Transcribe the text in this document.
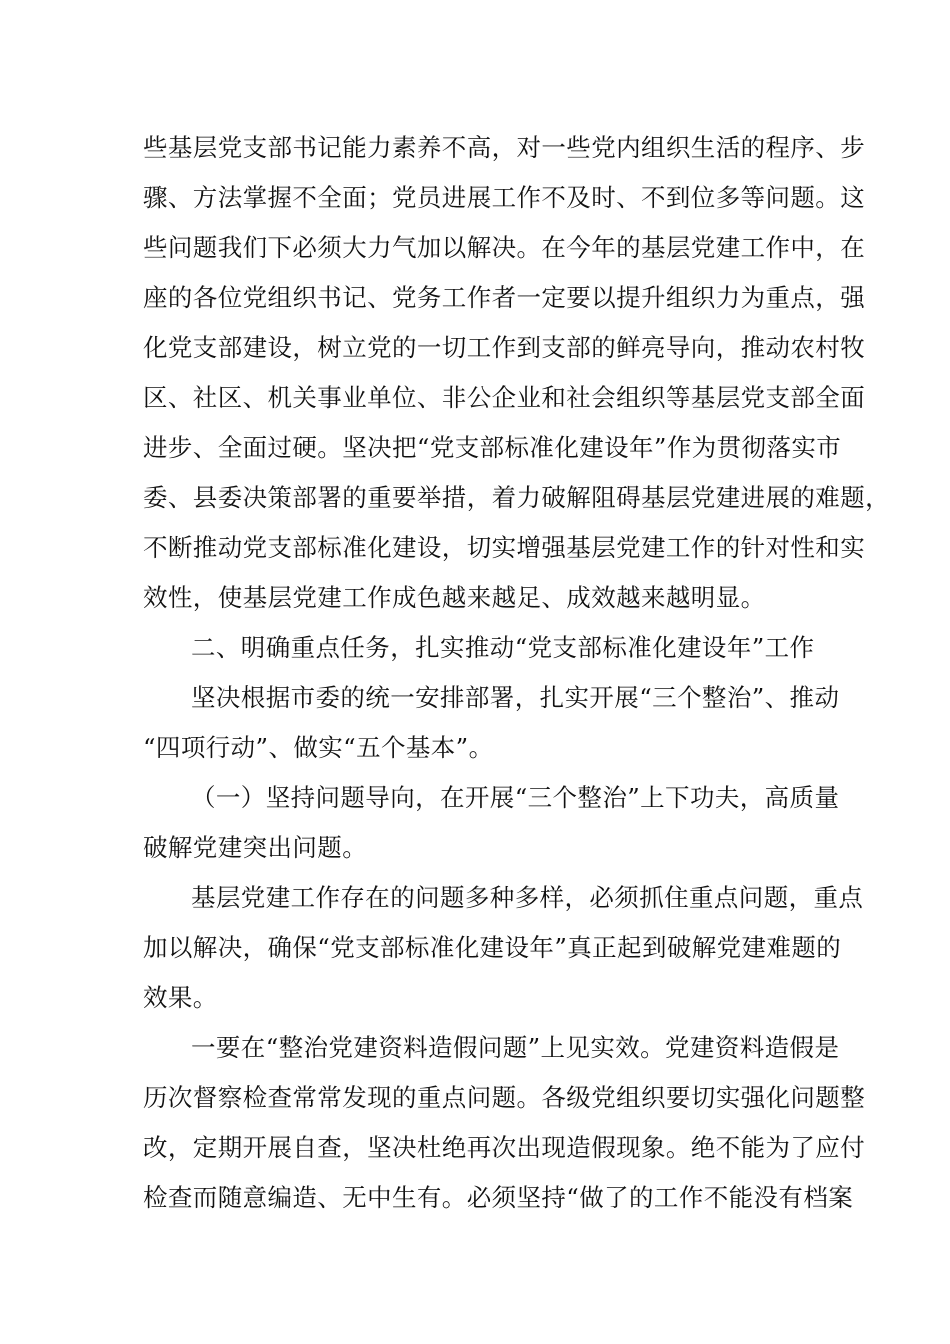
些基层党支部书记能力素养不高，对一些党内组织生活的程序、步
骤、方法掌握不全面；党员进展工作不及时、不到位多等问题。这
些问题我们下必须大力气加以解决。在今年的基层党建工作中，在
座的各位党组织书记、党务工作者一定要以提升组织力为重点，强
化党支部建设，树立党的一切工作到支部的鲜亮导向，推动农村牧
区、社区、机关事业单位、非公企业和社会组织等基层党支部全面
进步、全面过硬。坚决把“党支部标准化建设年”作为贯彻落实市
委、县委决策部署的重要举措，着力破解阻碍基层党建进展的难题，
不断推动党支部标准化建设，切实增强基层党建工作的针对性和实
效性，使基层党建工作成色越来越足、成效越来越明显。
二、明确重点任务，扎实推动“党支部标准化建设年”工作
坚决根据市委的统一安排部署，扎实开展“三个整治”、推动
“四项行动”、做实“五个基本”。
（一）坚持问题导向，在开展“三个整治”上下功夫，高质量
破解党建突出问题。
基层党建工作存在的问题多种多样，必须抓住重点问题，重点
加以解决，确保“党支部标准化建设年”真正起到破解党建难题的
效果。
一要在“整治党建资料造假问题”上见实效。党建资料造假是
历次督察检查常常发现的重点问题。各级党组织要切实强化问题整
改，定期开展自查，坚决杜绝再次出现造假现象。绝不能为了应付
检查而随意编造、无中生有。必须坚持“做了的工作不能没有档案
